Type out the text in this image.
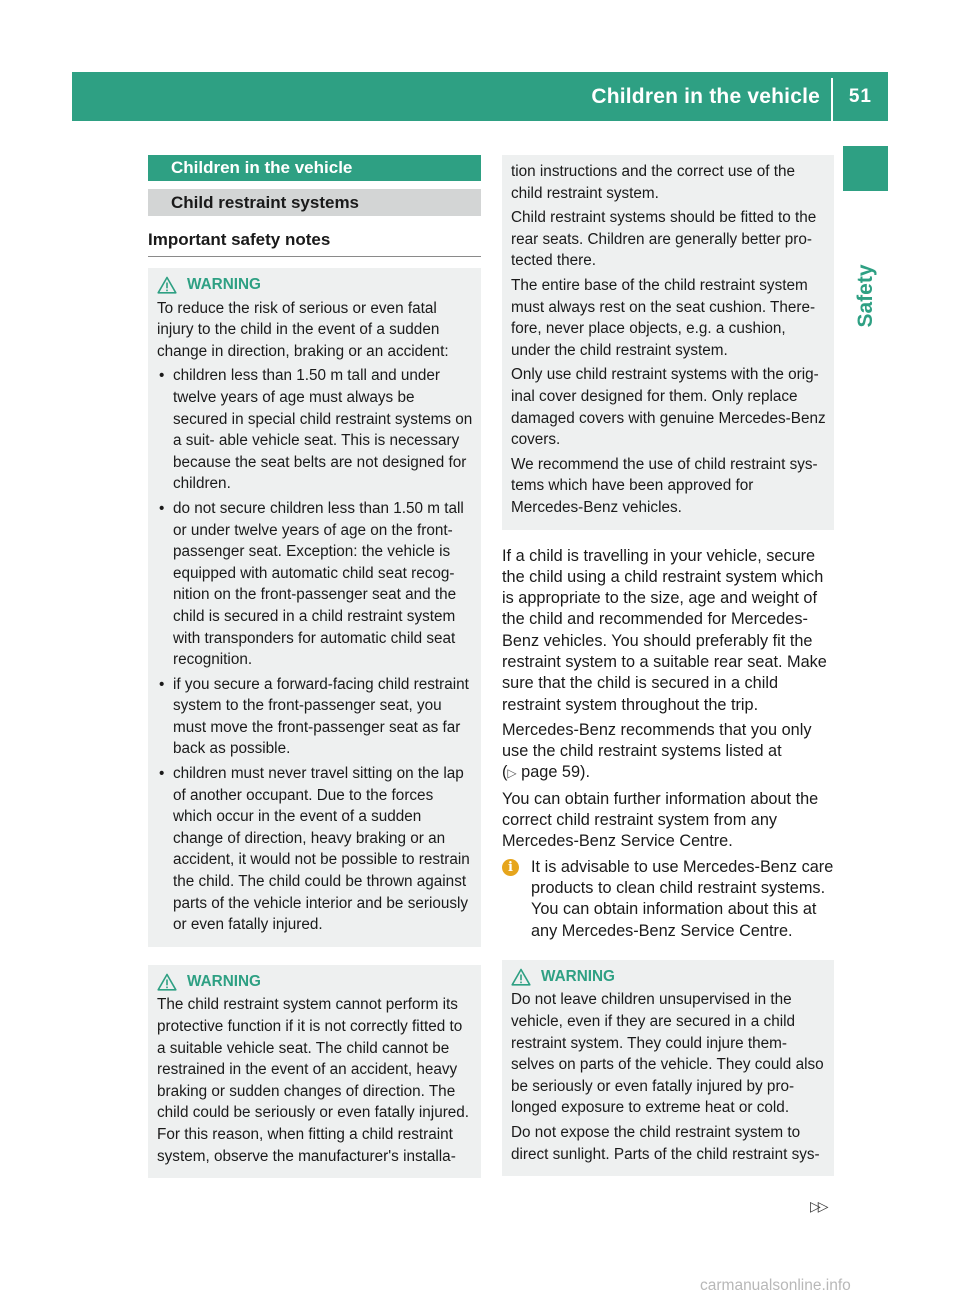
Children in the vehicle 51
Safety
Children in the vehicle
Child restraint systems
Important safety notes
WARNING
To reduce the risk of serious or even fatal injury to the child in the event of a sudden change in direction, braking or an accident:
• children less than 1.50 m tall and under twelve years of age must always be secured in special child restraint systems on a suit- able vehicle seat. This is necessary because the seat belts are not designed for children.
• do not secure children less than 1.50 m tall or under twelve years of age on the front- passenger seat. Exception: the vehicle is equipped with automatic child seat recog- nition on the front-passenger seat and the child is secured in a child restraint system with transponders for automatic child seat recognition.
• if you secure a forward-facing child restraint system to the front-passenger seat, you must move the front-passenger seat as far back as possible.
• children must never travel sitting on the lap of another occupant. Due to the forces which occur in the event of a sudden change of direction, heavy braking or an accident, it would not be possible to restrain the child. The child could be thrown against parts of the vehicle interior and be seriously or even fatally injured.
WARNING
The child restraint system cannot perform its protective function if it is not correctly fitted to a suitable vehicle seat. The child cannot be restrained in the event of an accident, heavy braking or sudden changes of direction. The child could be seriously or even fatally injured. For this reason, when fitting a child restraint system, observe the manufacturer's installa-
tion instructions and the correct use of the child restraint system.
Child restraint systems should be fitted to the rear seats. Children are generally better pro- tected there.
The entire base of the child restraint system must always rest on the seat cushion. There- fore, never place objects, e.g. a cushion, under the child restraint system.
Only use child restraint systems with the orig- inal cover designed for them. Only replace damaged covers with genuine Mercedes-Benz covers.
We recommend the use of child restraint sys- tems which have been approved for Mercedes-Benz vehicles.
If a child is travelling in your vehicle, secure the child using a child restraint system which is appropriate to the size, age and weight of the child and recommended for Mercedes- Benz vehicles. You should preferably fit the restraint system to a suitable rear seat. Make sure that the child is secured in a child restraint system throughout the trip.
Mercedes-Benz recommends that you only use the child restraint systems listed at
(▷ page 59).
You can obtain further information about the correct child restraint system from any Mercedes-Benz Service Centre.
i	It is advisable to use Mercedes-Benz care products to clean child restraint systems. You can obtain information about this at any Mercedes-Benz Service Centre.
WARNING
Do not leave children unsupervised in the vehicle, even if they are secured in a child restraint system. They could injure them- selves on parts of the vehicle. They could also be seriously or even fatally injured by pro- longed exposure to extreme heat or cold.
Do not expose the child restraint system to direct sunlight. Parts of the child restraint sys-
▷▷
carmanualsonline.info
